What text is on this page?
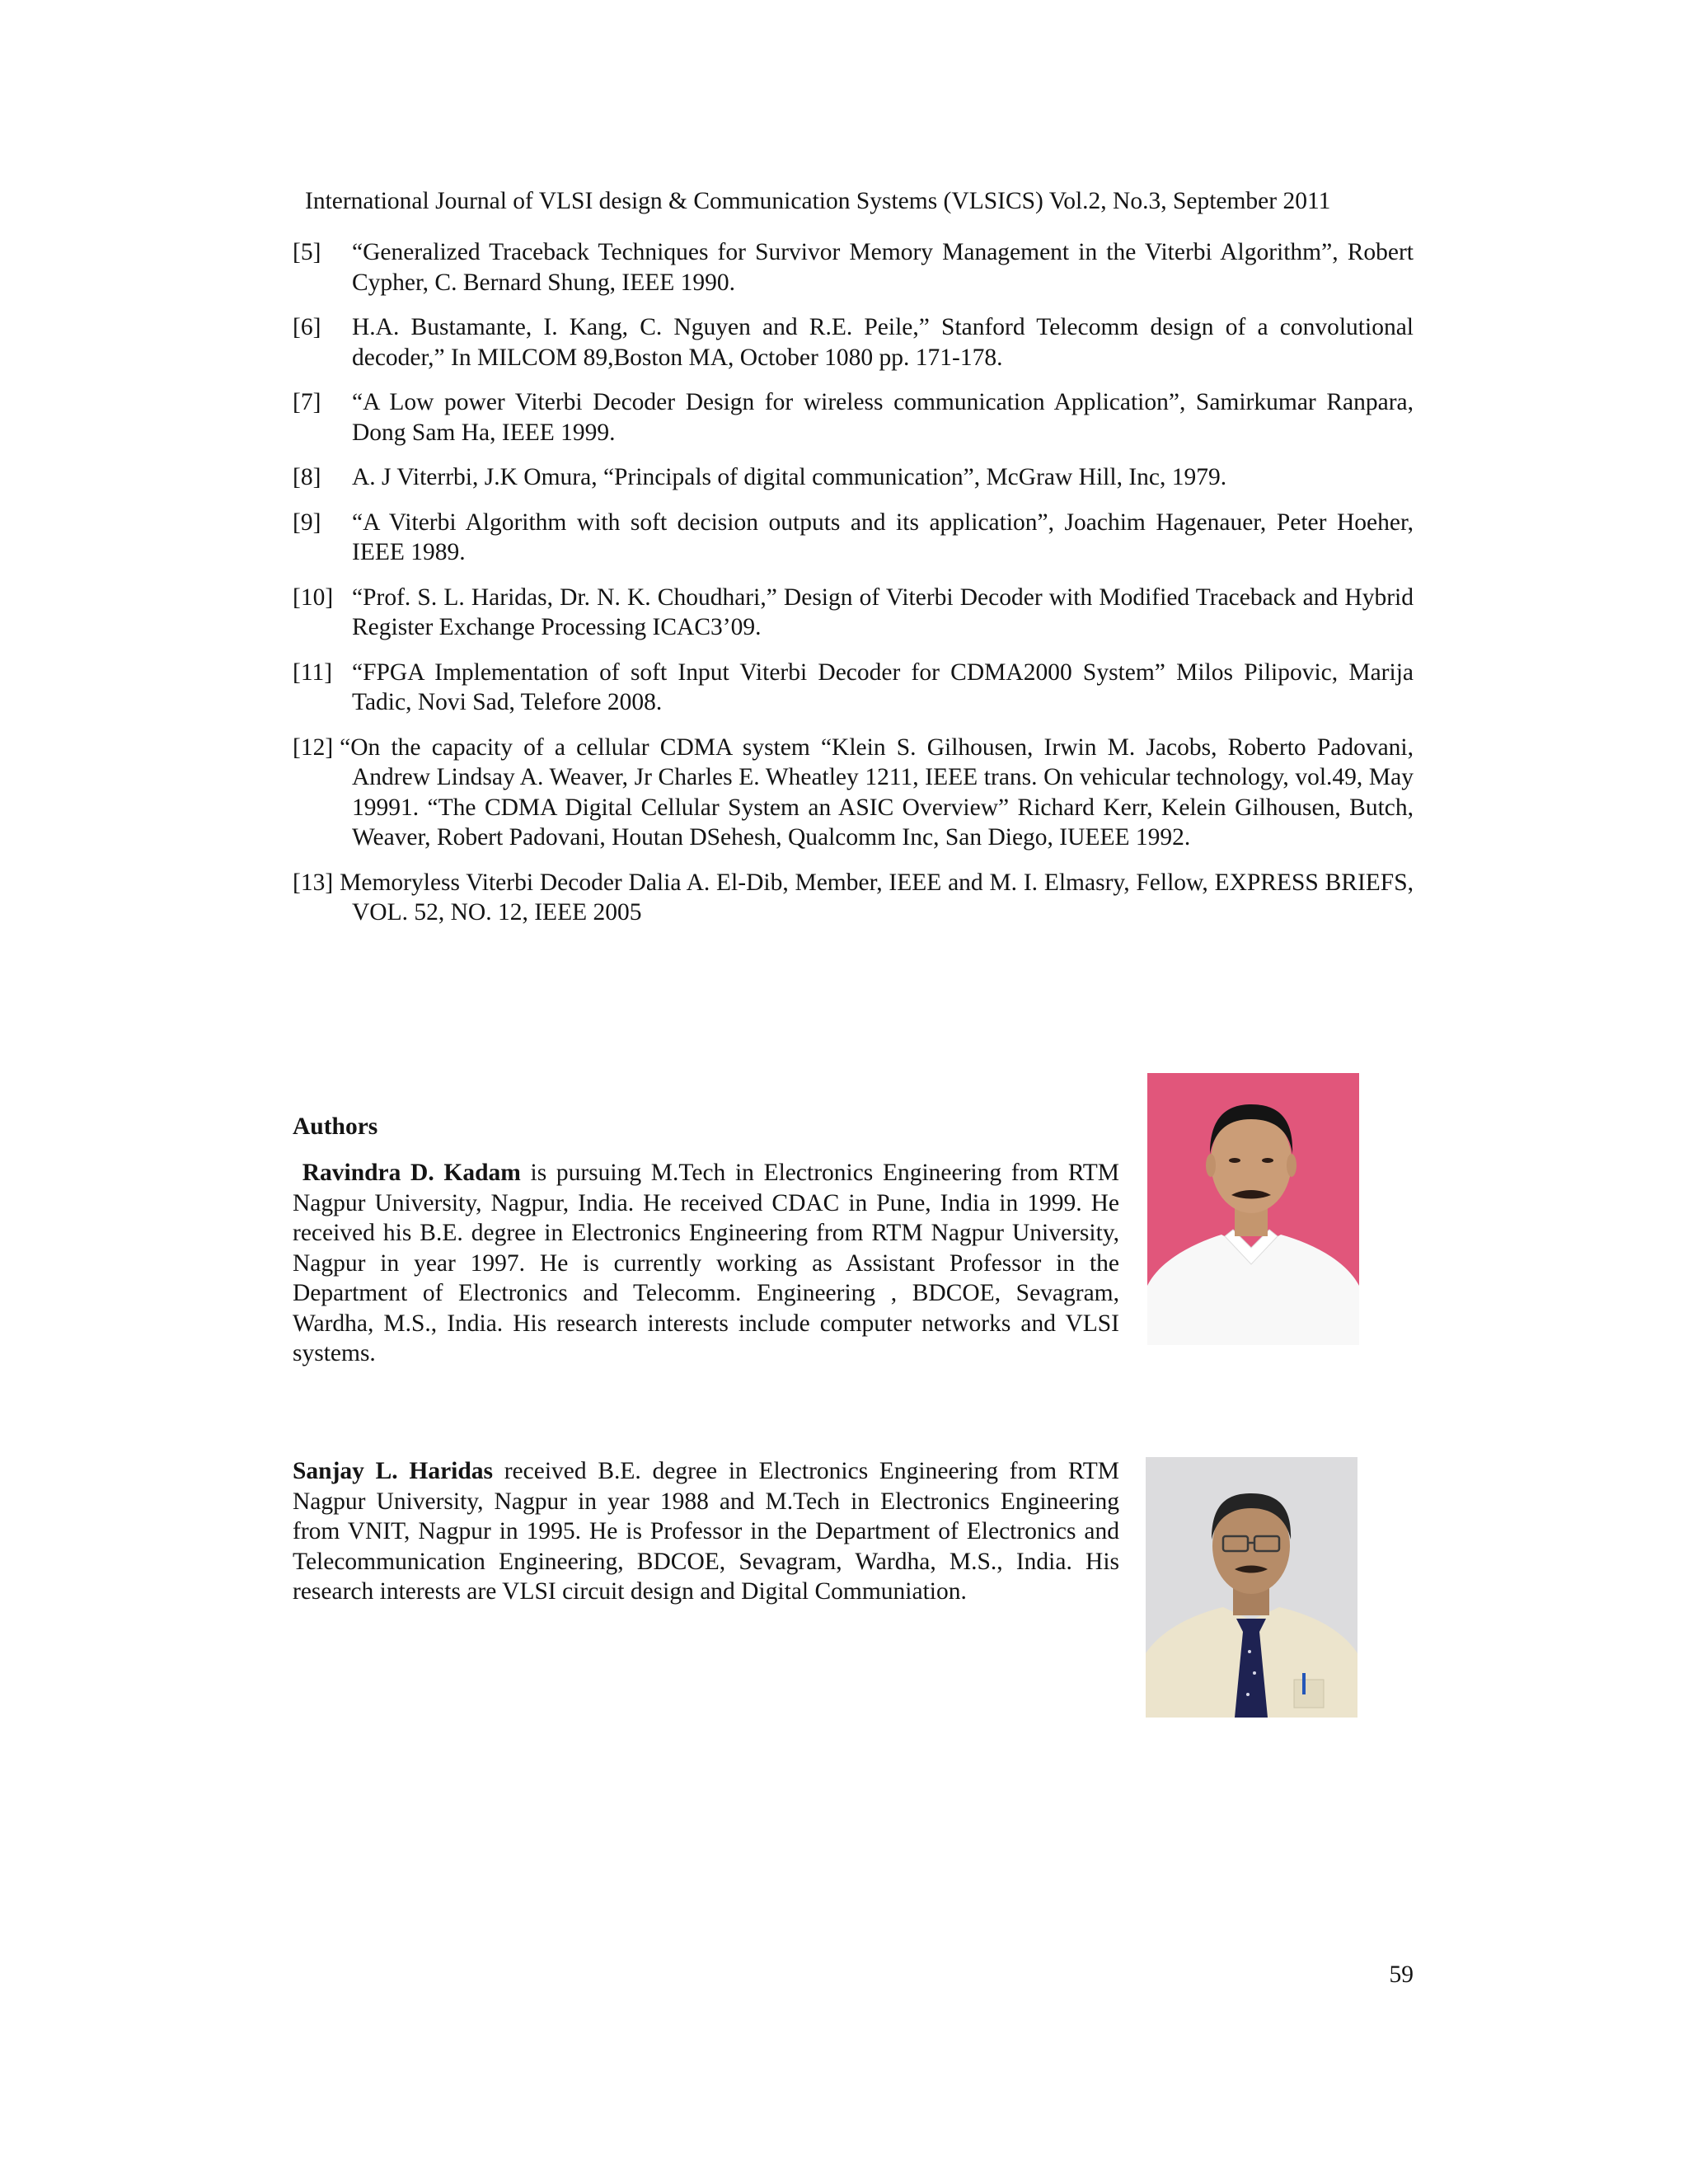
International Journal of VLSI design & Communication Systems (VLSICS) Vol.2, No.3, September 2011
[5] “Generalized Traceback Techniques for Survivor Memory Management in the Viterbi Algorithm”, Robert Cypher, C. Bernard Shung, IEEE 1990.
[6] H.A. Bustamante, I. Kang, C. Nguyen and R.E. Peile,” Stanford Telecomm design of a convolutional decoder,” In MILCOM 89,Boston MA, October 1080 pp. 171-178.
[7] “A Low power Viterbi Decoder Design for wireless communication Application”, Samirkumar Ranpara, Dong Sam Ha, IEEE 1999.
[8] A. J Viterrbi, J.K Omura, “Principals of digital communication”, McGraw Hill, Inc, 1979.
[9] “A Viterbi Algorithm with soft decision outputs and its application”, Joachim Hagenauer, Peter Hoeher, IEEE 1989.
[10] “Prof. S. L. Haridas, Dr. N. K. Choudhari,” Design of Viterbi Decoder with Modified Traceback and Hybrid Register Exchange Processing ICAC3’09.
[11] “FPGA Implementation of soft Input Viterbi Decoder for CDMA2000 System” Milos Pilipovic, Marija Tadic, Novi Sad, Telefore 2008.
[12] “On the capacity of a cellular CDMA system “Klein S. Gilhousen, Irwin M. Jacobs, Roberto Padovani, Andrew Lindsay A. Weaver, Jr Charles E. Wheatley 1211, IEEE trans. On vehicular technology, vol.49, May 19991. “The CDMA Digital Cellular System an ASIC Overview” Richard Kerr, Kelein Gilhousen, Butch, Weaver, Robert Padovani, Houtan DSehesh, Qualcomm Inc, San Diego, IUEEE 1992.
[13] Memoryless Viterbi Decoder Dalia A. El-Dib, Member, IEEE and M. I. Elmasry, Fellow, EXPRESS BRIEFS, VOL. 52, NO. 12, IEEE 2005
Authors
Ravindra D. Kadam is pursuing M.Tech in Electronics Engineering from RTM Nagpur University, Nagpur, India. He received CDAC in Pune, India in 1999. He received his B.E. degree in Electronics Engineering from RTM Nagpur University, Nagpur in year 1997. He is currently working as Assistant Professor in the Department of Electronics and Telecomm. Engineering , BDCOE, Sevagram, Wardha, M.S., India. His research interests include computer networks and VLSI systems.
Sanjay L. Haridas received B.E. degree in Electronics Engineering from RTM Nagpur University, Nagpur in year 1988 and M.Tech in Electronics Engineering from VNIT, Nagpur in 1995. He is Professor in the Department of Electronics and Telecommunication Engineering, BDCOE, Sevagram, Wardha, M.S., India. His research interests are VLSI circuit design and Digital Communiation.
59
